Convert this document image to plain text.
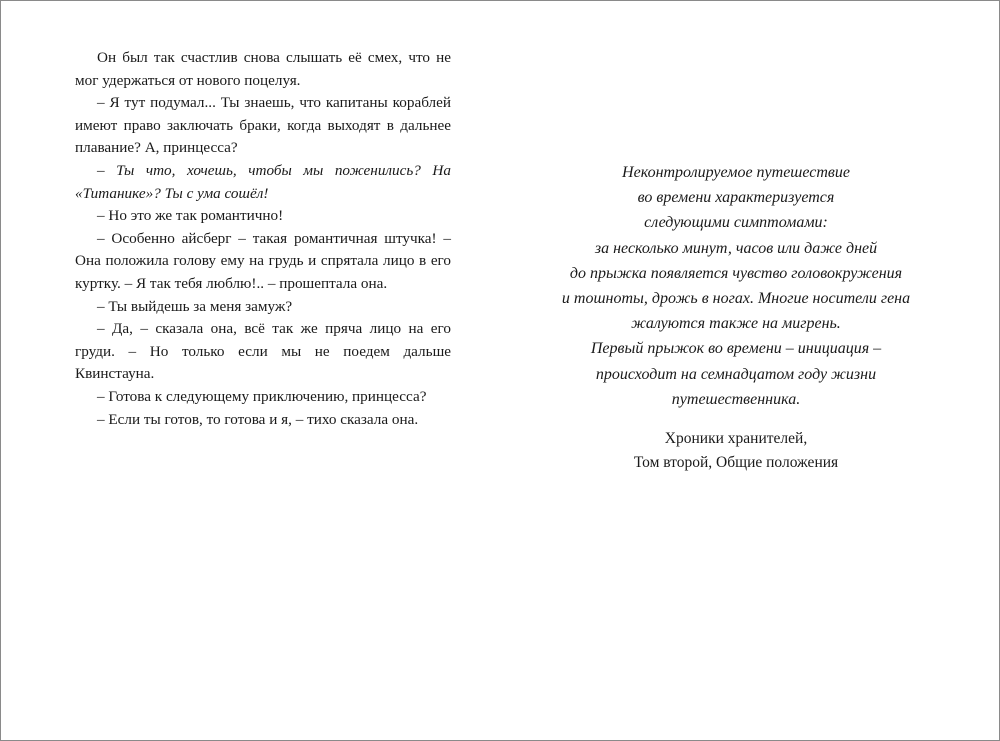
Он был так счастлив снова слышать её смех, что не мог удержаться от нового поцелуя.

– Я тут подумал... Ты знаешь, что капитаны кораблей имеют право заключать браки, когда выходят в дальнее плавание? А, принцесса?

– Ты что, хочешь, чтобы мы поженились? На «Титанике»? Ты с ума сошёл!

– Но это же так романтично!

– Особенно айсберг – такая романтичная штучка! – Она положила голову ему на грудь и спрятала лицо в его куртку. – Я так тебя люблю!.. – прошептала она.

– Ты выйдешь за меня замуж?

– Да, – сказала она, всё так же пряча лицо на его груди. – Но только если мы не поедем дальше Квинстауна.

– Готова к следующему приключению, принцесса?

– Если ты готов, то готова и я, – тихо сказала она.

Неконтролируемое путешествие
во времени характеризуется
следующими симптомами:
за несколько минут, часов или даже дней
до прыжка появляется чувство головокружения
и тошноты, дрожь в ногах. Многие носители гена
жалуются также на мигрень.
Первый прыжок во времени – инициация –
происходит на семнадцатом году жизни
путешественника.
Хроники хранителей,
Том второй, Общие положения
